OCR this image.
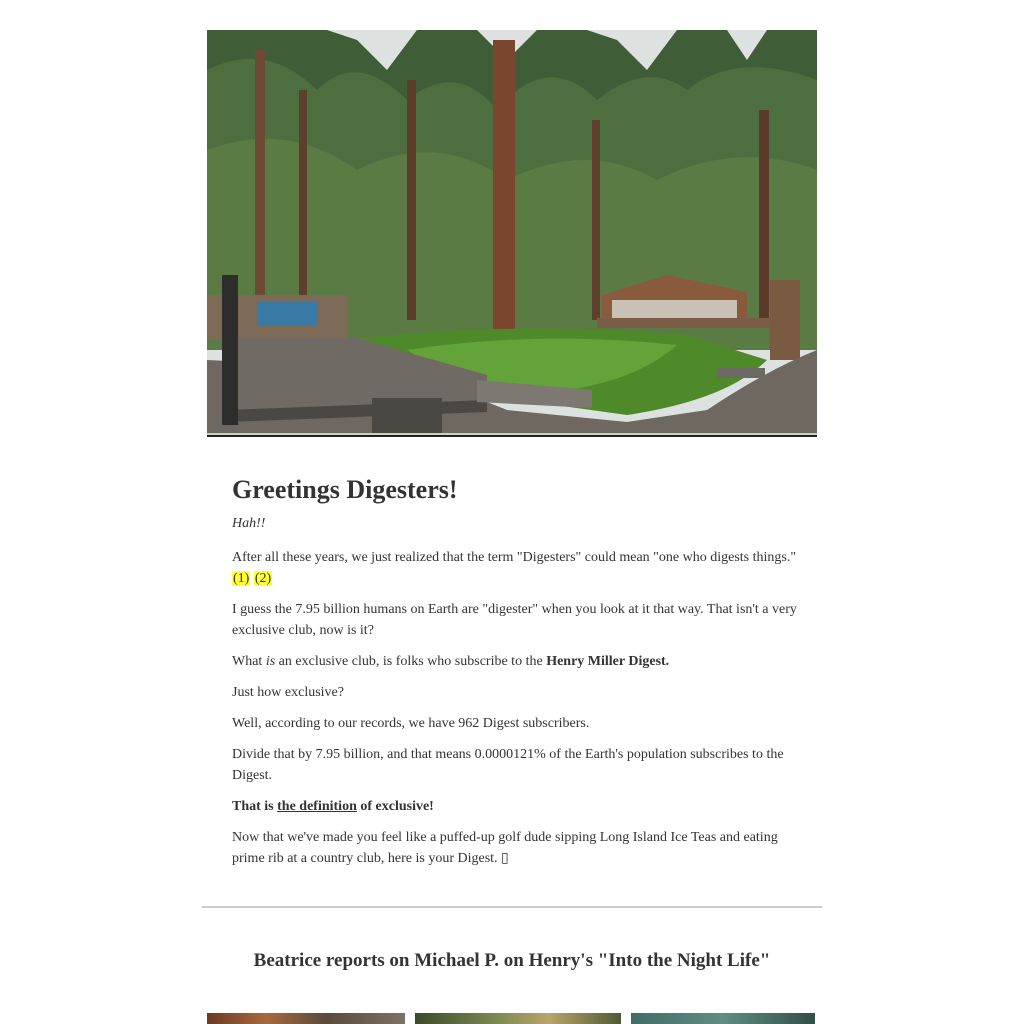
Greetings Digesters!
Hah!!

After all these years, we just realized that the term "Digesters" could mean "one who digests things." (1) (2)

I guess the 7.95 billion humans on Earth are "digester" when you look at it that way. That isn't a very exclusive club, now is it?

What is an exclusive club, is folks who subscribe to the Henry Miller Digest.

Just how exclusive?

Well, according to our records, we have 962 Digest subscribers.

Divide that by 7.95 billion, and that means 0.0000121% of the Earth's population subscribes to the Digest.

That is the definition of exclusive!

Now that we've made you feel like a puffed-up golf dude sipping Long Island Ice Teas and eating prime rib at a country club, here is your Digest. ▯

Beatrice reports on Michael P. on Henry's "Into the Night Life"
